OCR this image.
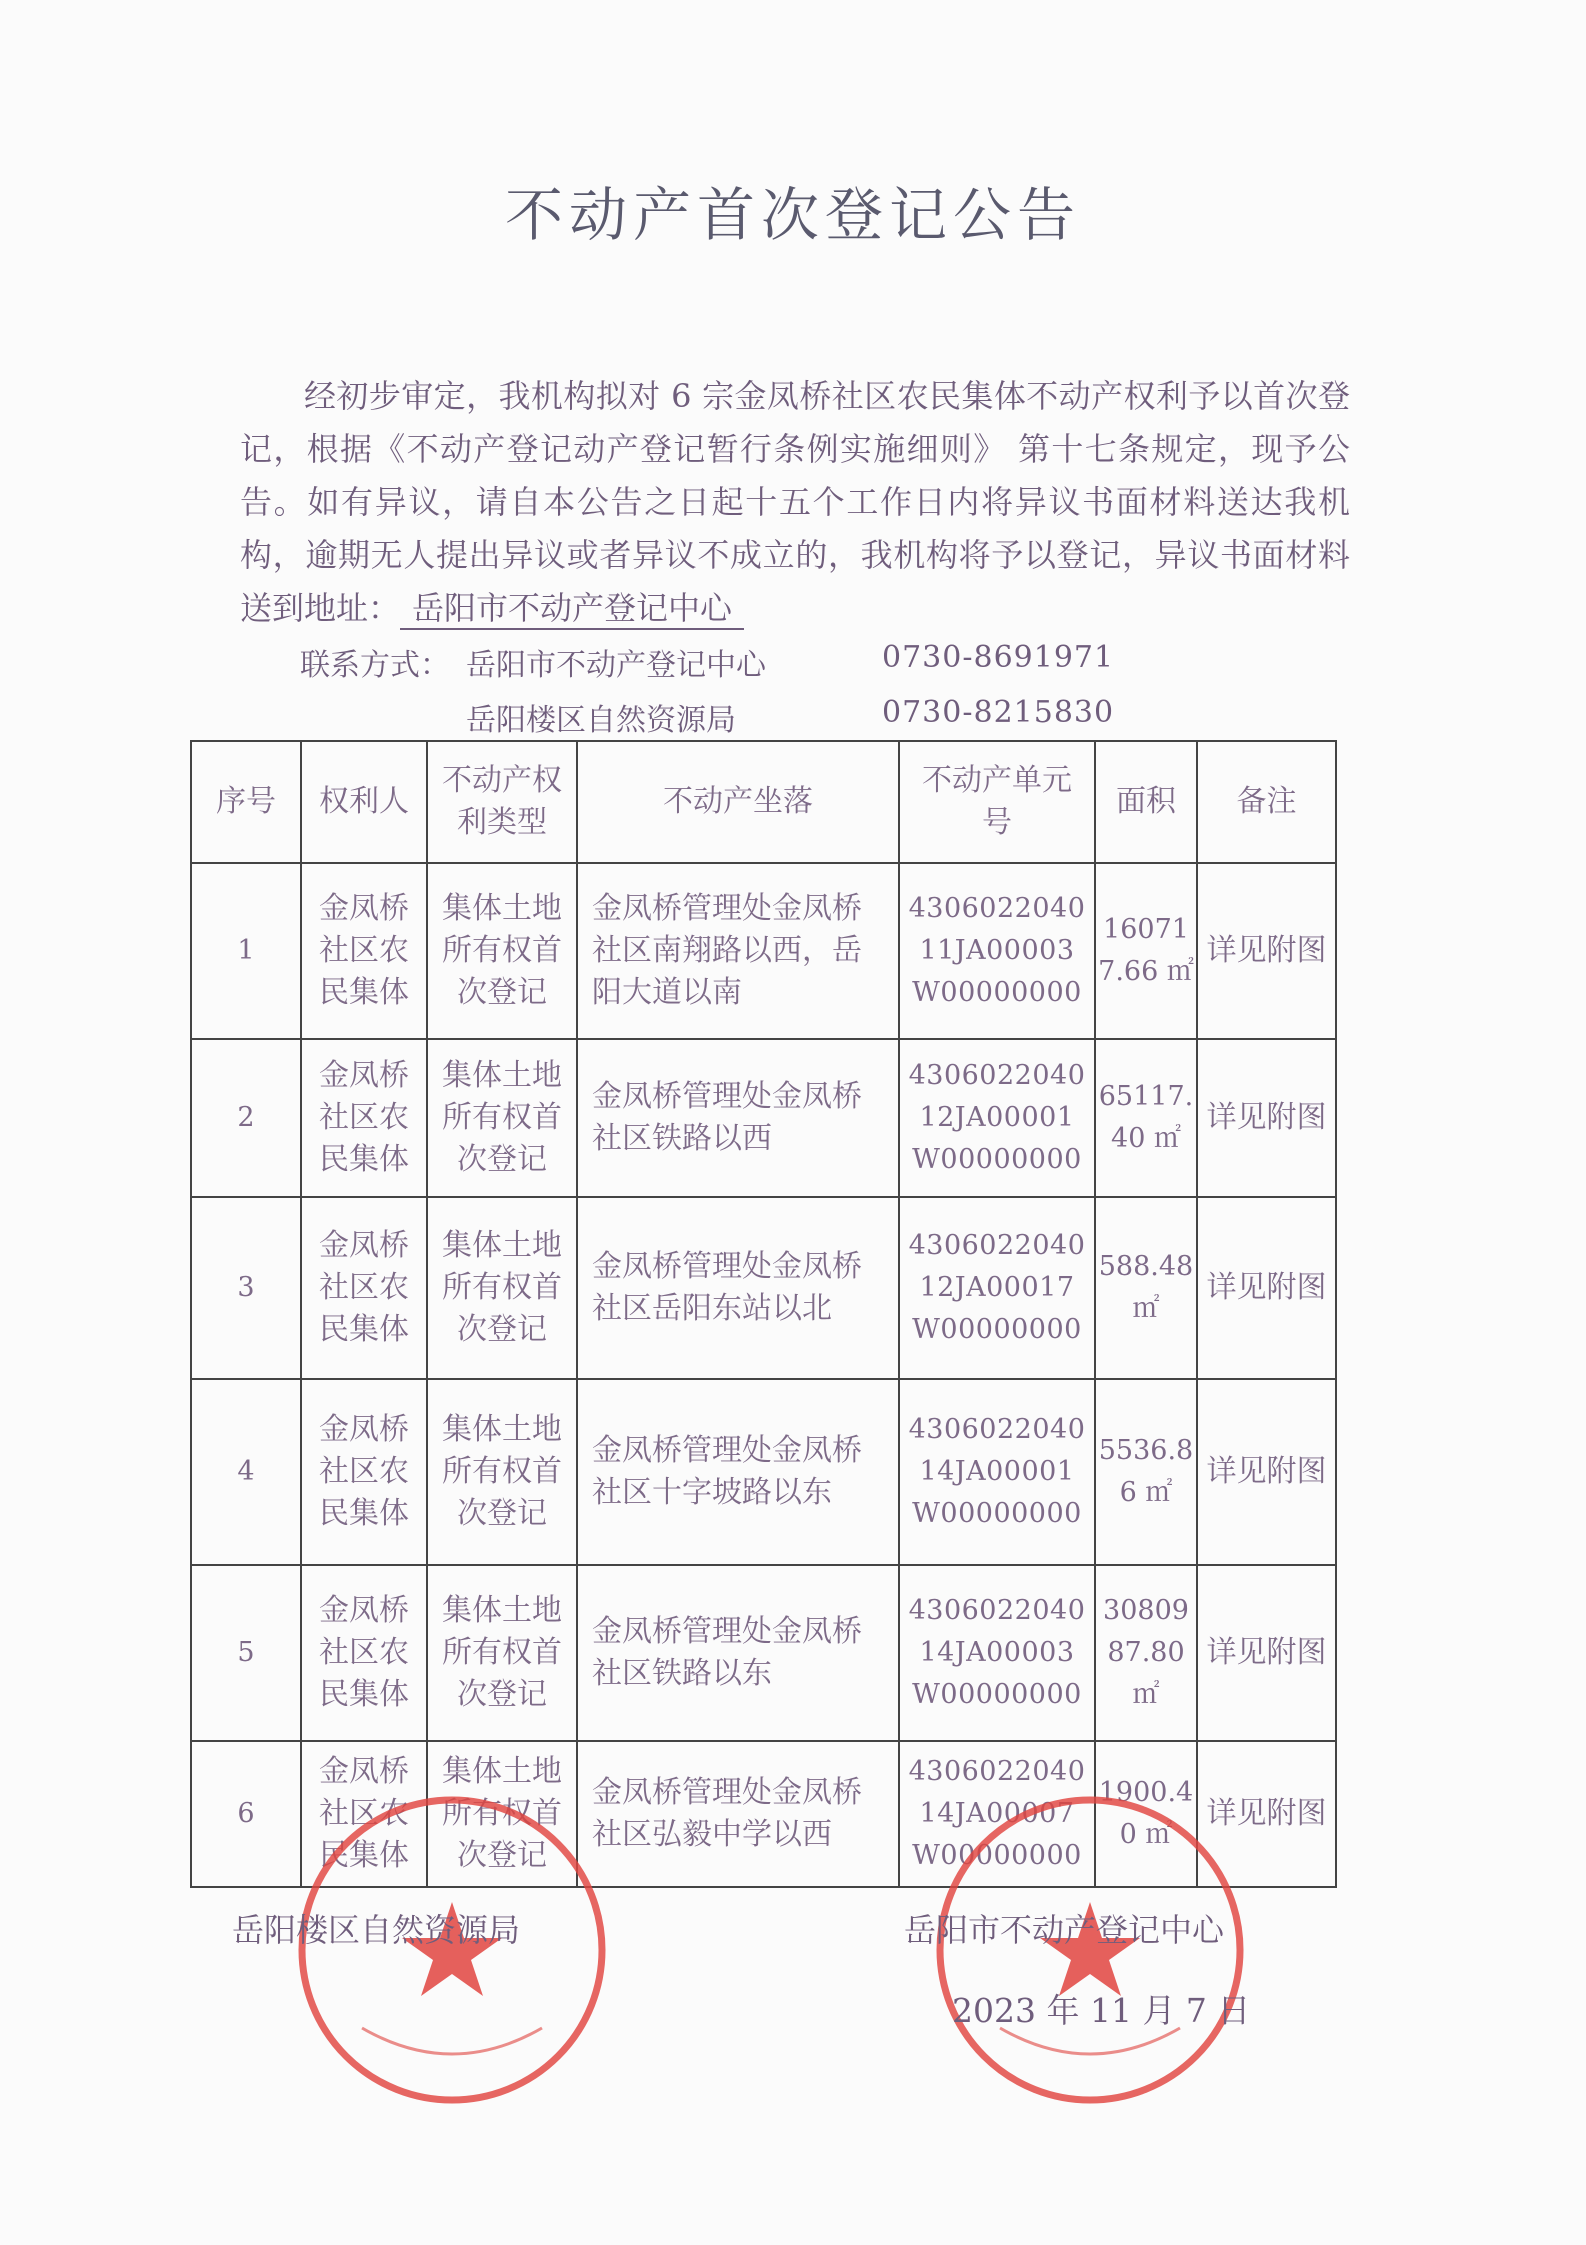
不动产首次登记公告

经初步审定，我机构拟对 6 宗金凤桥社区农民集体不动产权利予以首次登记，根据《不动产登记动产登记暂行条例实施细则》 第十七条规定，现予公告。如有异议，请自本公告之日起十五个工作日内将异议书面材料送达我机构，逾期无人提出异议或者异议不成立的，我机构将予以登记，异议书面材料送到地址： 岳阳市不动产登记中心

联系方式： 岳阳市不动产登记中心	0730-8691971
岳阳楼区自然资源局	0730-8215830
序号	权利人	不动产权利类型	不动产坐落	不动产单元号	面积	备注
1	金凤桥社区农民集体	集体土地所有权首次登记	金凤桥管理处金凤桥社区南翔路以西，岳阳大道以南	430602204011JA00003W00000000	160717.66 ㎡	详见附图
2	金凤桥社区农民集体	集体土地所有权首次登记	金凤桥管理处金凤桥社区铁路以西	430602204012JA00001W00000000	65117.40 ㎡	详见附图
3	金凤桥社区农民集体	集体土地所有权首次登记	金凤桥管理处金凤桥社区岳阳东站以北	430602204012JA00017W00000000	588.48 ㎡	详见附图
4	金凤桥社区农民集体	集体土地所有权首次登记	金凤桥管理处金凤桥社区十字坡路以东	430602204014JA00001W00000000	5536.86 ㎡	详见附图
5	金凤桥社区农民集体	集体土地所有权首次登记	金凤桥管理处金凤桥社区铁路以东	430602204014JA00003W00000000	3080987.80 ㎡	详见附图
6	金凤桥社区农民集体	集体土地所有权首次登记	金凤桥管理处金凤桥社区弘毅中学以西	430602204014JA00007W00000000	1900.40 ㎡	详见附图
岳阳楼区自然资源局	岳阳市不动产登记中心
2023 年 11 月 7 日
